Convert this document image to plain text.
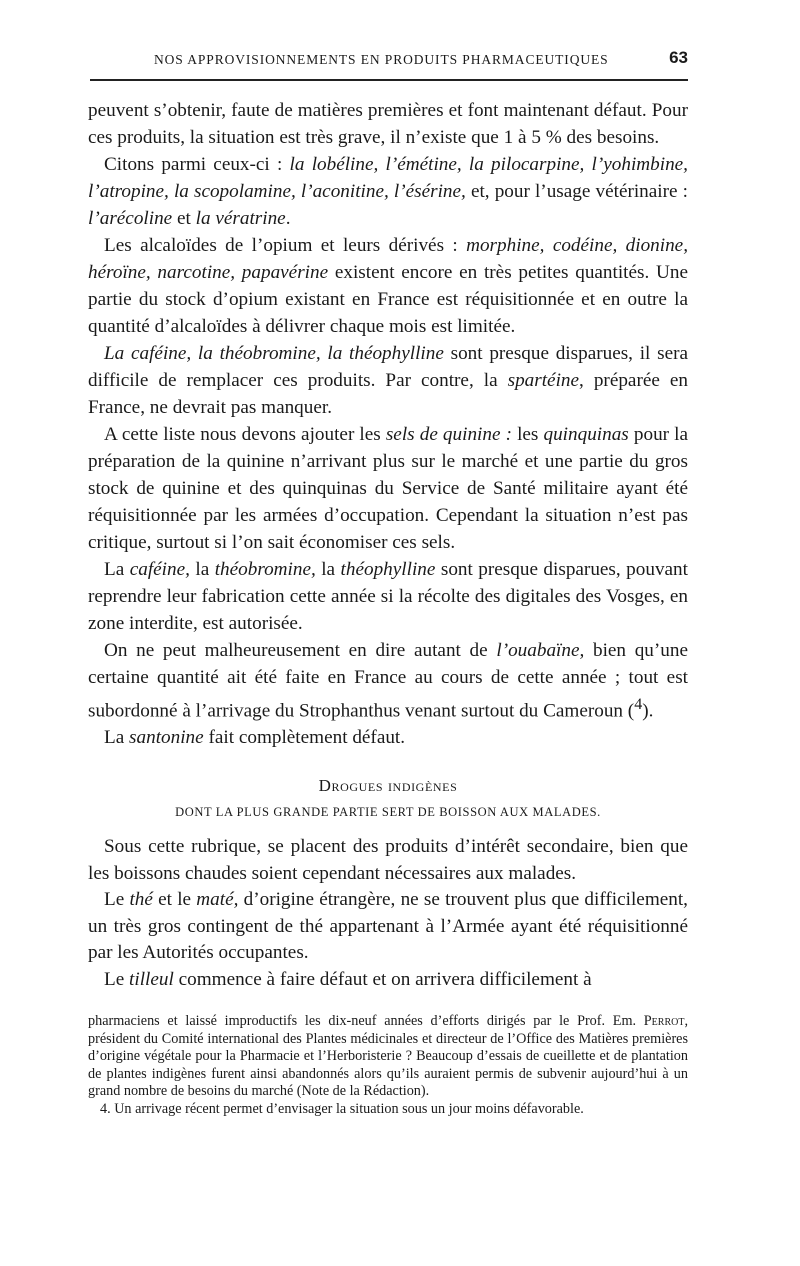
NOS APPROVISIONNEMENTS EN PRODUITS PHARMACEUTIQUES	63

peuvent s’obtenir, faute de matières premières et font maintenant défaut. Pour ces produits, la situation est très grave, il n’existe que 1 à 5 % des besoins.

Citons parmi ceux-ci : la lobéline, l’émétine, la pilocarpine, l’yohimbine, l’atropine, la scopolamine, l’aconitine, l’ésérine, et, pour l’usage vétérinaire : l’arécoline et la vératrine.

Les alcaloïdes de l’opium et leurs dérivés : morphine, codéine, dionine, héroïne, narcotine, papavérine existent encore en très petites quantités. Une partie du stock d’opium existant en France est réquisitionnée et en outre la quantité d’alcaloïdes à délivrer chaque mois est limitée.

La caféine, la théobromine, la théophylline sont presque disparues, il sera difficile de remplacer ces produits. Par contre, la spartéine, préparée en France, ne devrait pas manquer.

A cette liste nous devons ajouter les sels de quinine : les quinquinas pour la préparation de la quinine n’arrivant plus sur le marché et une partie du gros stock de quinine et des quinquinas du Service de Santé militaire ayant été réquisitionnée par les armées d’occupation. Cependant la situation n’est pas critique, surtout si l’on sait économiser ces sels.

La caféine, la théobromine, la théophylline sont presque disparues, pouvant reprendre leur fabrication cette année si la récolte des digitales des Vosges, en zone interdite, est autorisée.

On ne peut malheureusement en dire autant de l’ouabaïne, bien qu’une certaine quantité ait été faite en France au cours de cette année ; tout est subordonné à l’arrivage du Strophanthus venant surtout du Cameroun ($^4$).

La santonine fait complètement défaut.

Drogues indigènes
DONT LA PLUS GRANDE PARTIE SERT DE BOISSON AUX MALADES.

Sous cette rubrique, se placent des produits d’intérêt secondaire, bien que les boissons chaudes soient cependant nécessaires aux malades.

Le thé et le maté, d’origine étrangère, ne se trouvent plus que difficilement, un très gros contingent de thé appartenant à l’Armée ayant été réquisitionné par les Autorités occupantes.

Le tilleul commence à faire défaut et on arrivera difficilement à

pharmaciens et laissé improductifs les dix-neuf années d’efforts dirigés par le Prof. Em. Perrot, président du Comité international des Plantes médicinales et directeur de l’Office des Matières premières d’origine végétale pour la Pharmacie et l’Herboristerie ? Beaucoup d’essais de cueillette et de plantation de plantes indigènes furent ainsi abandonnés alors qu’ils auraient permis de subvenir aujourd’hui à un grand nombre de besoins du marché (Note de la Rédaction).

4. Un arrivage récent permet d’envisager la situation sous un jour moins défavorable.
